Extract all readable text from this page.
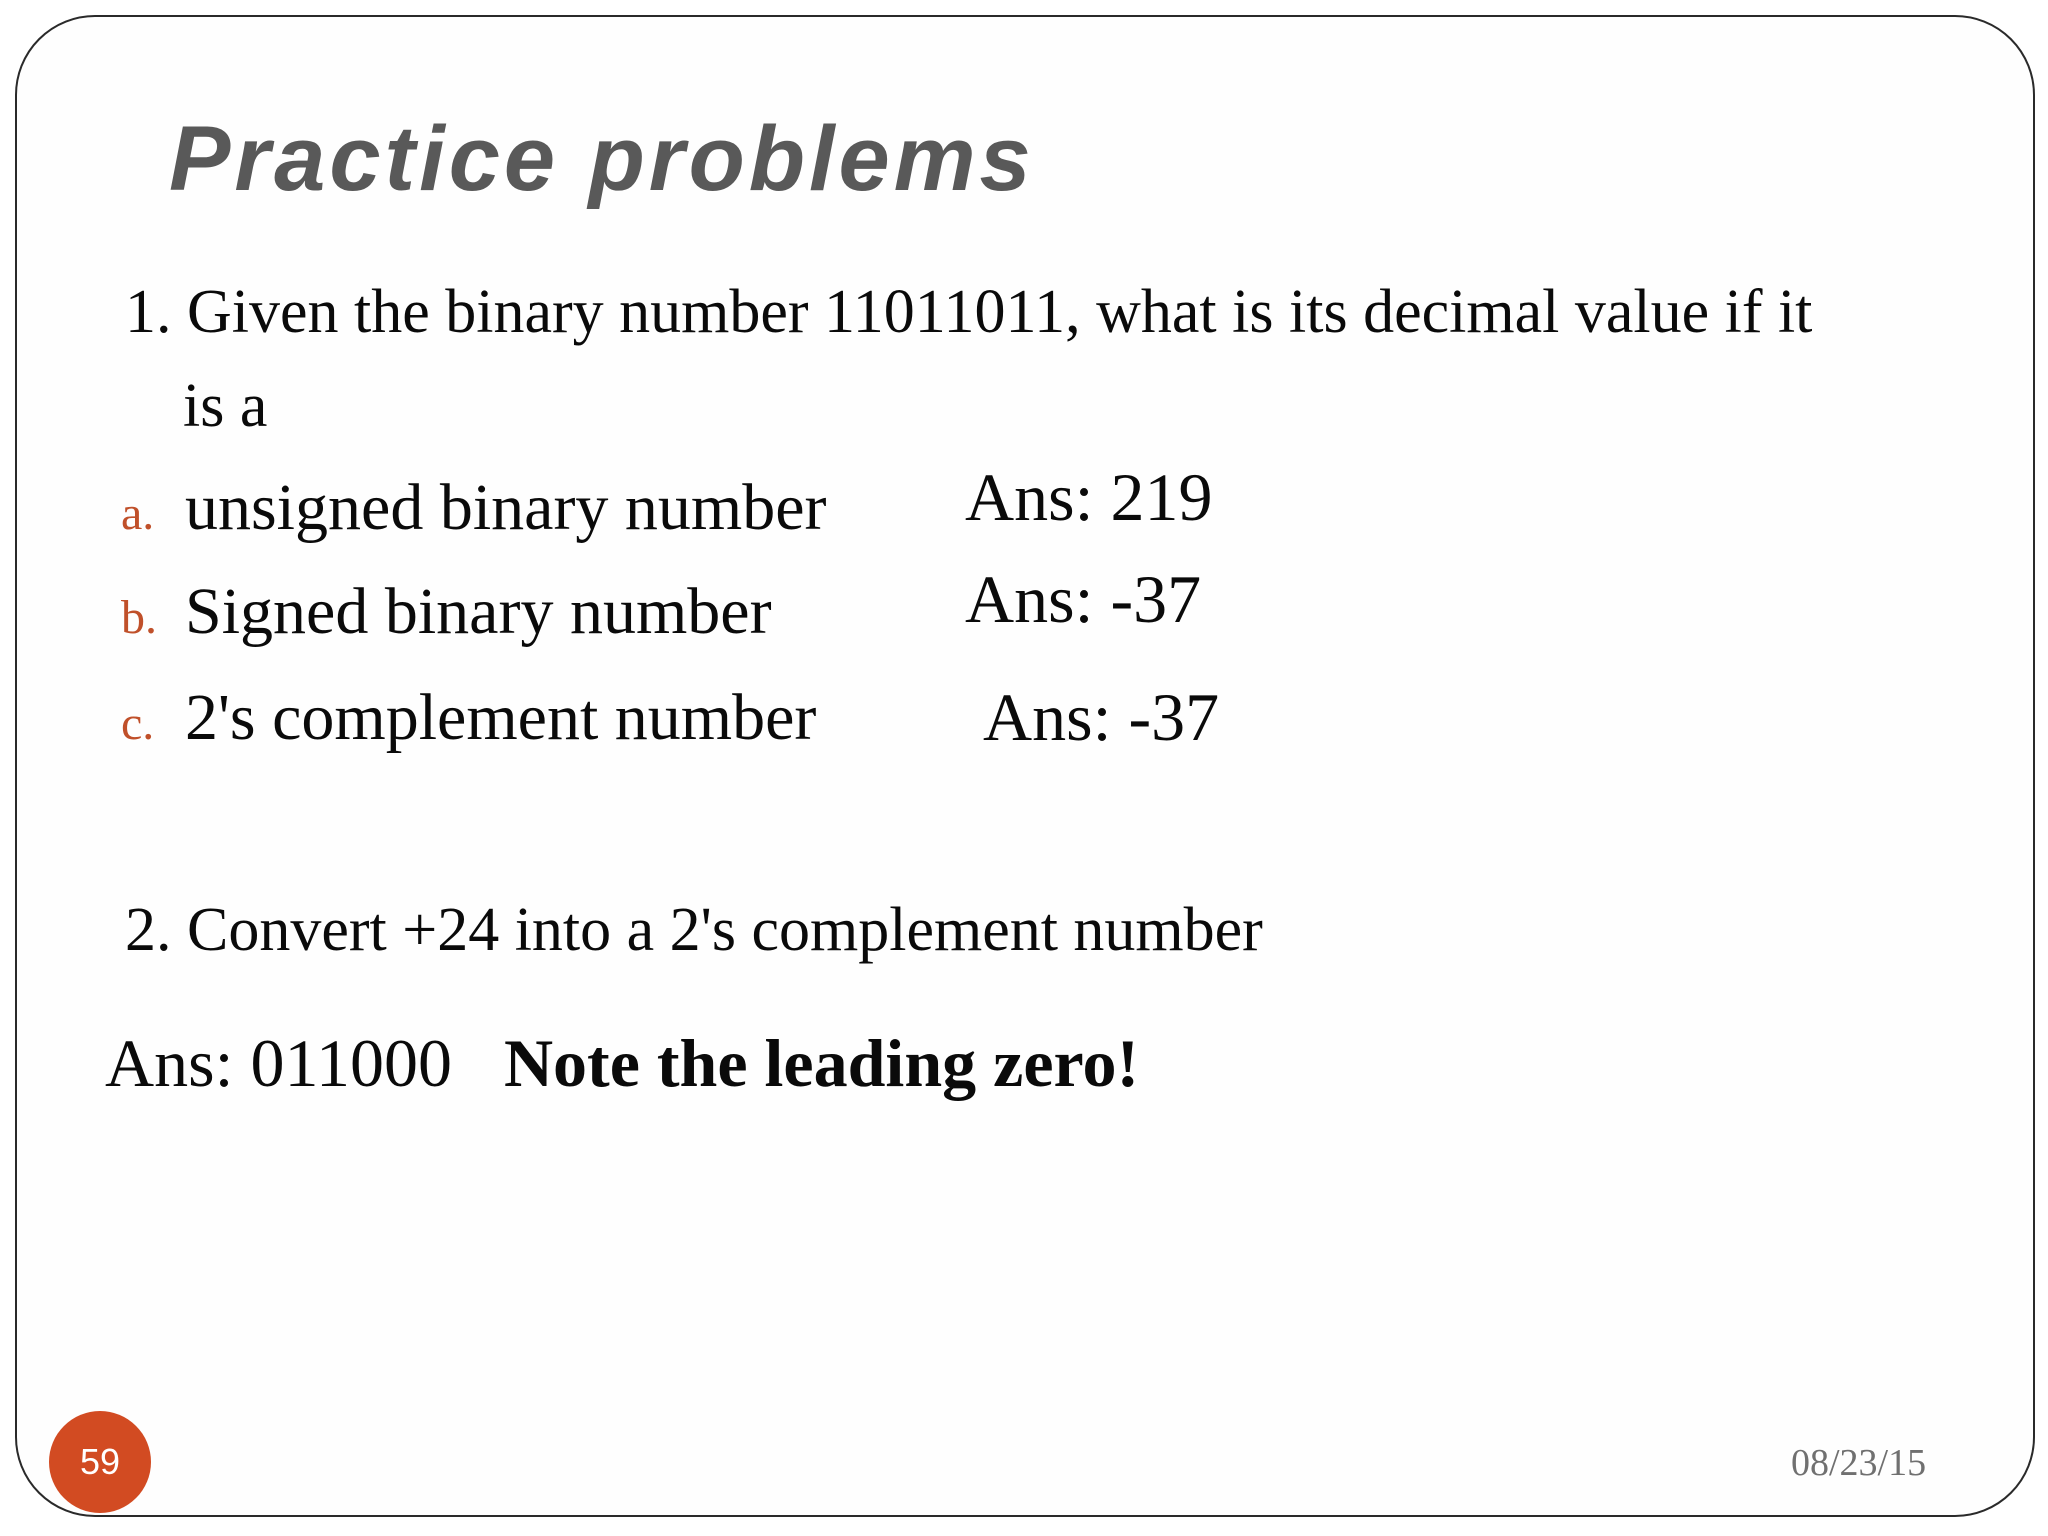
Practice problems
1. Given the binary number 11011011, what is its decimal value if it
is a
a. unsigned binary number Ans: 219
b. Signed binary number	Ans: -37
c. 2's complement number Ans: -37
2. Convert +24 into a 2's complement number
Ans: 011000 Note the leading zero!
59	08/23/15
